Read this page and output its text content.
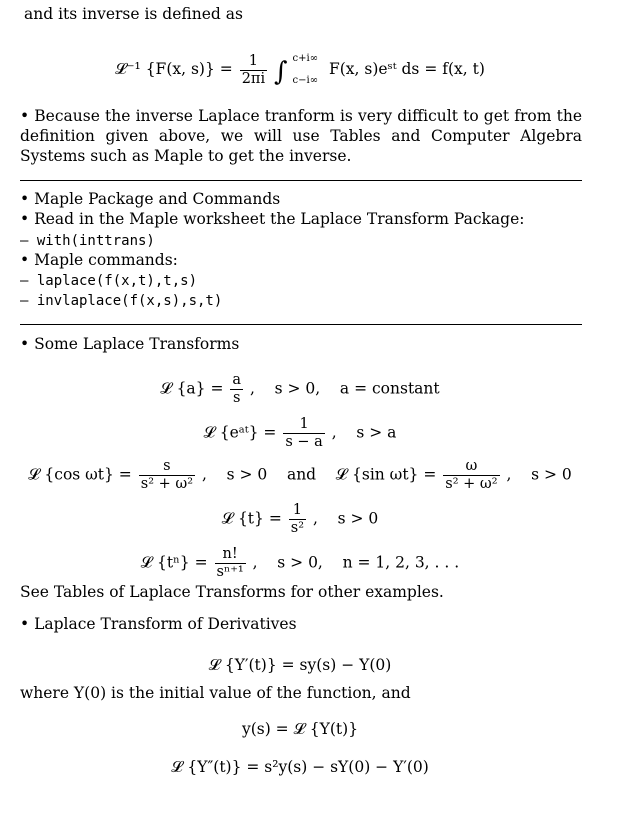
and its inverse is defined as
𝓛⁻¹ {F(x, $s)\} = \frac{1}{2\pi i}$ ∫ c+i∞
c−i∞
F(x, s)eˢᵗ ds = f(x, t)
• Because the inverse Laplace tranform is very difficult to get from the definition given above, we will use Tables and Computer Algebra Systems such as Maple to get the inverse.
• Maple Package and Commands
• Read in the Maple worksheet the Laplace Transform Package:
– with(inttrans)
• Maple commands:
– laplace(f(x,t),t,s)
– invlaplace(f(x,s),s,t)
• Some Laplace Transforms
𝓛 $\{a\} = \frac{a}{s}$ ,    s > 0,    a = constant
𝓛 {eᵃᵗ} = $\frac{1}{s - a}$ ,    s > a
𝓛 {cos $\omega t\} = \frac{s}{\text{s² + ω²}}$ ,    s > 0    and    𝓛 {sin $\omega t\} = \frac{\omega}{\text{s² + ω²}}$ ,    s > 0
𝓛 $\{t\} = \frac{1}{\text{s²}}$ ,    s > 0
𝓛 $\{t^n\} = \frac{n!}{\text{sⁿ⁺¹}}$ ,    s > 0,    n = 1, 2, 3, . . .
See Tables of Laplace Transforms for other examples.
• Laplace Transform of Derivatives
𝓛 {Y′(t)} = sy(s) − Y(0)
where Y(0) is the initial value of the function, and
y(s) = 𝓛 {Y(t)}
𝓛 {Y″(t)} = s²y(s) − sY(0) − Y′(0)
